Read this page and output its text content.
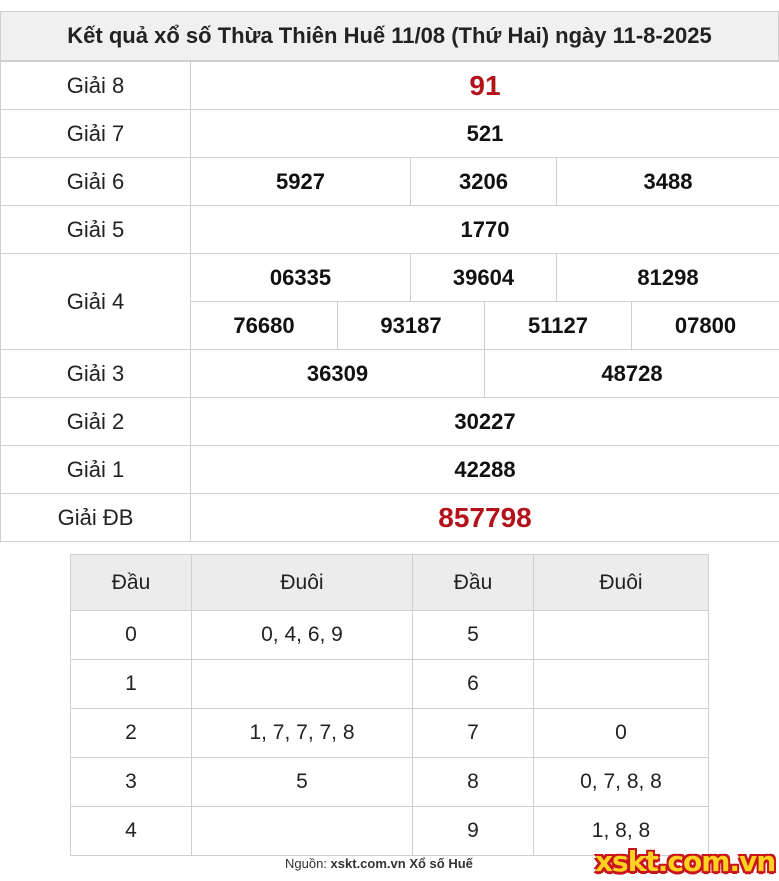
Kết quả xổ số Thừa Thiên Huế 11/08 (Thứ Hai) ngày 11-8-2025
Giải 8	91					
Giải 7	521					
Giải 6	5927		3206		3488	
Giải 5	1770					
Giải 4	06335		39604		81298	
	76680	93187		51127		07800
Giải 3	36309			48728		
Giải 2	30227					
Giải 1	42288					
Giải ĐB	857798					
Đầu	Đuôi	Đầu	Đuôi
0	0, 4, 6, 9	5	
1		6	
2	1, 7, 7, 7, 8	7	0
3	5	8	0, 7, 8, 8
4		9	1, 8, 8
Nguồn: xskt.com.vn Xổ số Huế	xskt.com.vn
